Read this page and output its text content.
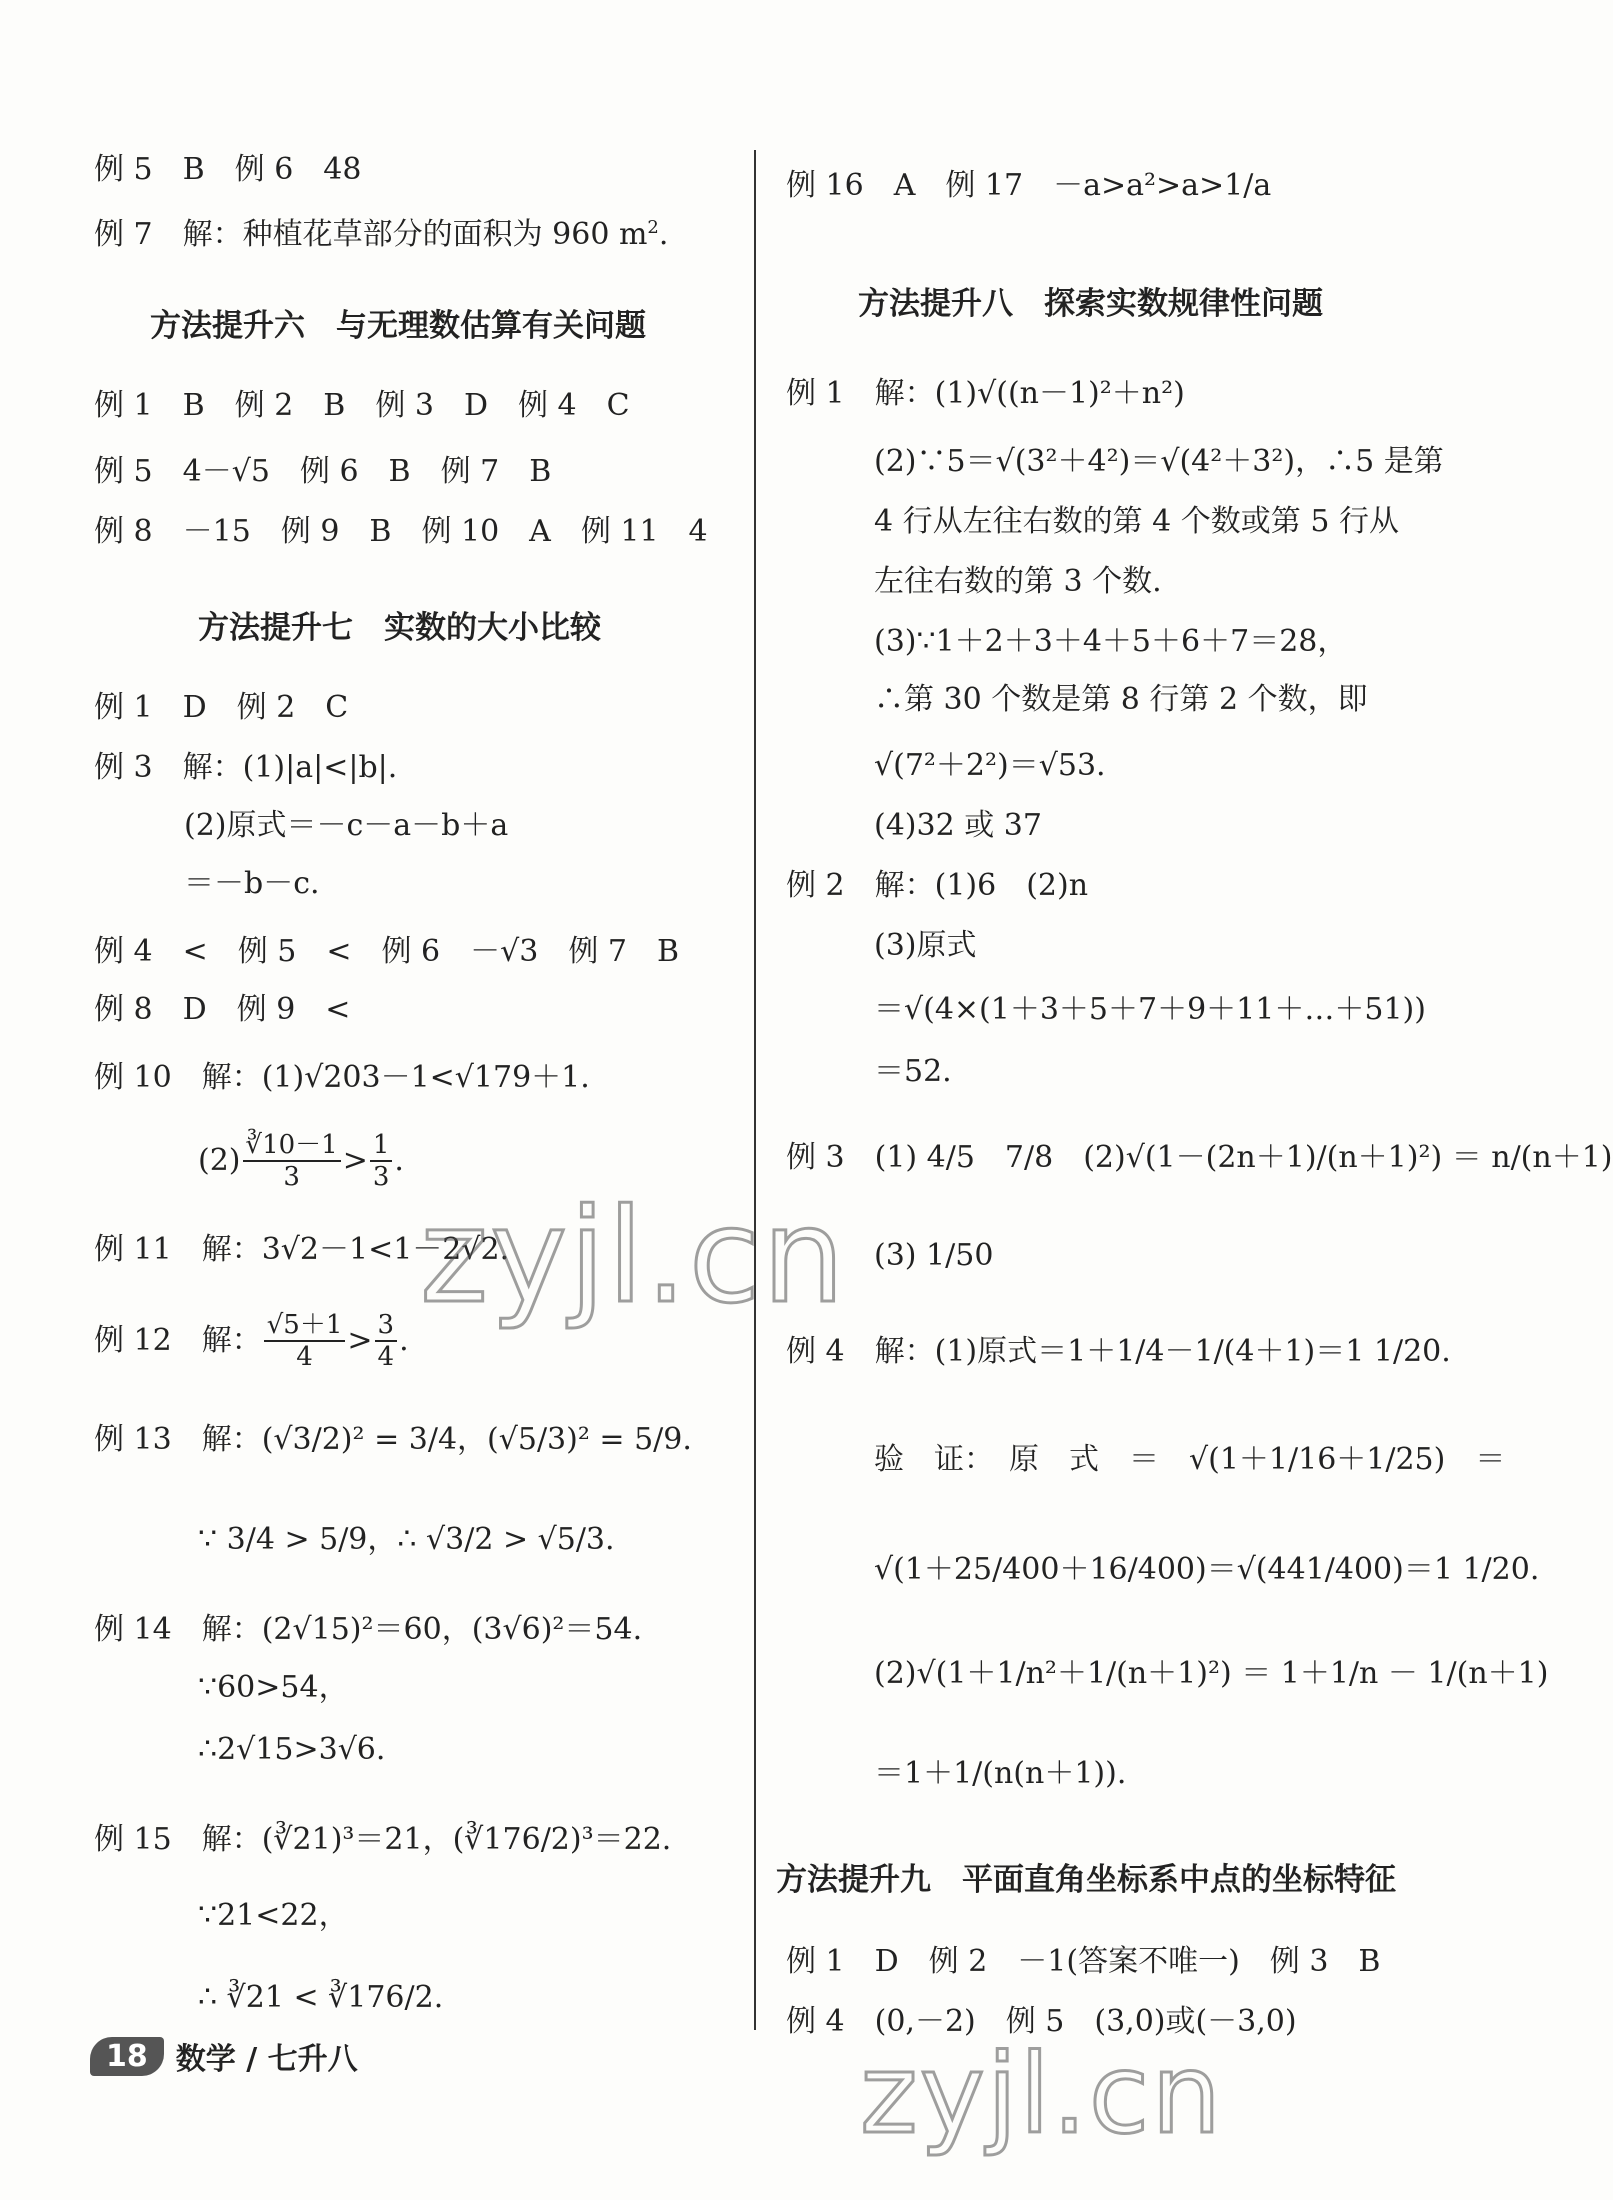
例 5　B　例 6　48
例 7　解：种植花草部分的面积为 960 $m^2$.
方法提升六　与无理数估算有关问题
例 1　B　例 2　B　例 3　D　例 4　C
例 5　4－√5　例 6　B　例 7　B
例 8　－15　例 9　B　例 10　A　例 11　4
方法提升七　实数的大小比较
例 1　D　例 2　C
例 3　解：(1)|a|<|b|.
(2)原式＝－c－a－b＋a
＝－b－c.
例 4　<　例 5　<　例 6　－√3　例 7　B
例 8　D　例 9　<
例 10　解：(1)√203－1<√179＋1.
$(2) \frac{∛10-1}{3} > \frac{1}{3}$ .
例 11　解：3√2－1<1－2√2.
例 12　解： $\frac{√5+1}{4} > \frac{3}{4}$ .
例 13　解：(√3/2)² = 3/4，(√5/3)² = 5/9.
∵ 3/4 > 5/9，∴ √3/2 > √5/3.
例 14　解：(2√15)²＝60，(3√6)²＝54.
∵60>54，
∴2√15>3√6.
例 15　解：(∛21)³＝21，(∛176/2)³＝22.
∵21<22，
∴ ∛21 < ∛176/2.
例 16　A　例 17　－a>a²>a>1/a
方法提升八　探索实数规律性问题
例 1　解：(1)√((n－1)²＋n²)
(2)∵5＝√(3²＋4²)＝√(4²＋3²)，∴5 是第
4 行从左往右数的第 4 个数或第 5 行从
左往右数的第 3 个数.
(3)∵1＋2＋3＋4＋5＋6＋7＝28，
∴第 30 个数是第 8 行第 2 个数，即
√(7²＋2²)＝√53.
(4)32 或 37
例 2　解：(1)6　(2)n
(3)原式
＝√(4×(1＋3＋5＋7＋9＋11＋…＋51))
＝52.
例 3　(1) 4/5　7/8　(2)√(1－(2n＋1)/(n＋1)²) ＝ n/(n＋1)
(3) 1/50
例 4　解：(1)原式＝1＋1/4－1/(4＋1)＝1 1/20.
验　证：　原　式　＝　√(1＋1/16＋1/25)　＝
√(1＋25/400＋16/400)＝√(441/400)＝1 1/20.
(2)√(1＋1/n²＋1/(n＋1)²) ＝ 1＋1/n － 1/(n＋1)
＝1＋1/(n(n＋1)).
方法提升九　平面直角坐标系中点的坐标特征
例 1　D　例 2　－1(答案不唯一)　例 3　B
例 4　(0,－2)　例 5　(3,0)或(－3,0)
zyjl.cn
zyjl.cn
18 数学 / 七升八
